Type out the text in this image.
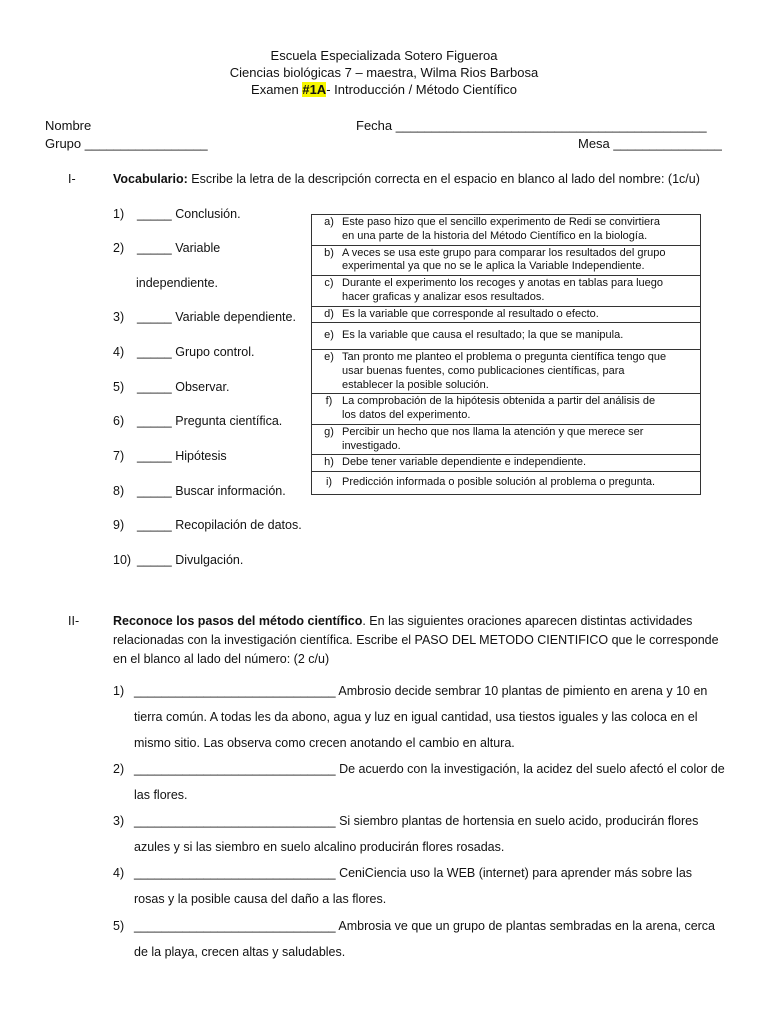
Escuela Especializada Sotero Figueroa
Ciencias biológicas 7 – maestra, Wilma Rios Barbosa
Examen #1A- Introducción / Método Científico
Nombre	Fecha ___________________________________________
Grupo _________________	Mesa _______________
I-	Vocabulario: Escribe la letra de la descripción correcta en el espacio en blanco al lado del nombre: (1c/u)
1) _____ Conclusión.
2) _____ Variable
independiente.
3) _____ Variable dependiente.
4) _____ Grupo control.
5) _____ Observar.
6) _____ Pregunta científica.
7) _____ Hipótesis
8) _____ Buscar información.
9) _____ Recopilación de datos.
10) _____ Divulgación.
a) Este paso hizo que el sencillo experimento de Redi se convirtiera en una parte de la historia del Método Científico en la biología.
b) A veces se usa este grupo para comparar los resultados del grupo experimental ya que no se le aplica la Variable Independiente.
c) Durante el experimento los recoges y anotas en tablas para luego hacer graficas y analizar esos resultados.
d) Es la variable que corresponde al resultado o efecto.
e) Es la variable que causa el resultado; la que se manipula.
e) Tan pronto me planteo el problema o pregunta científica tengo que usar buenas fuentes, como publicaciones científicas, para establecer la posible solución.
f) La comprobación de la hipótesis obtenida a partir del análisis de los datos del experimento.
g) Percibir un hecho que nos llama la atención y que merece ser investigado.
h) Debe tener variable dependiente e independiente.
i) Predicción informada o posible solución al problema o pregunta.
II-	Reconoce los pasos del método científico. En las siguientes oraciones aparecen distintas actividades relacionadas con la investigación científica. Escribe el PASO DEL METODO CIENTIFICO que le corresponde en el blanco al lado del número: (2 c/u)
1) _____________________________ Ambrosio decide sembrar 10 plantas de pimiento en arena y 10 en tierra común. A todas les da abono, agua y luz en igual cantidad, usa tiestos iguales y las coloca en el mismo sitio. Las observa como crecen anotando el cambio en altura.
2) _____________________________ De acuerdo con la investigación, la acidez del suelo afectó el color de las flores.
3) _____________________________ Si siembro plantas de hortensia en suelo acido, producirán flores azules y si las siembro en suelo alcalino producirán flores rosadas.
4) _____________________________ CeniCiencia uso la WEB (internet) para aprender más sobre las rosas y la posible causa del daño a las flores.
5) _____________________________ Ambrosia ve que un grupo de plantas sembradas en la arena, cerca de la playa, crecen altas y saludables.
